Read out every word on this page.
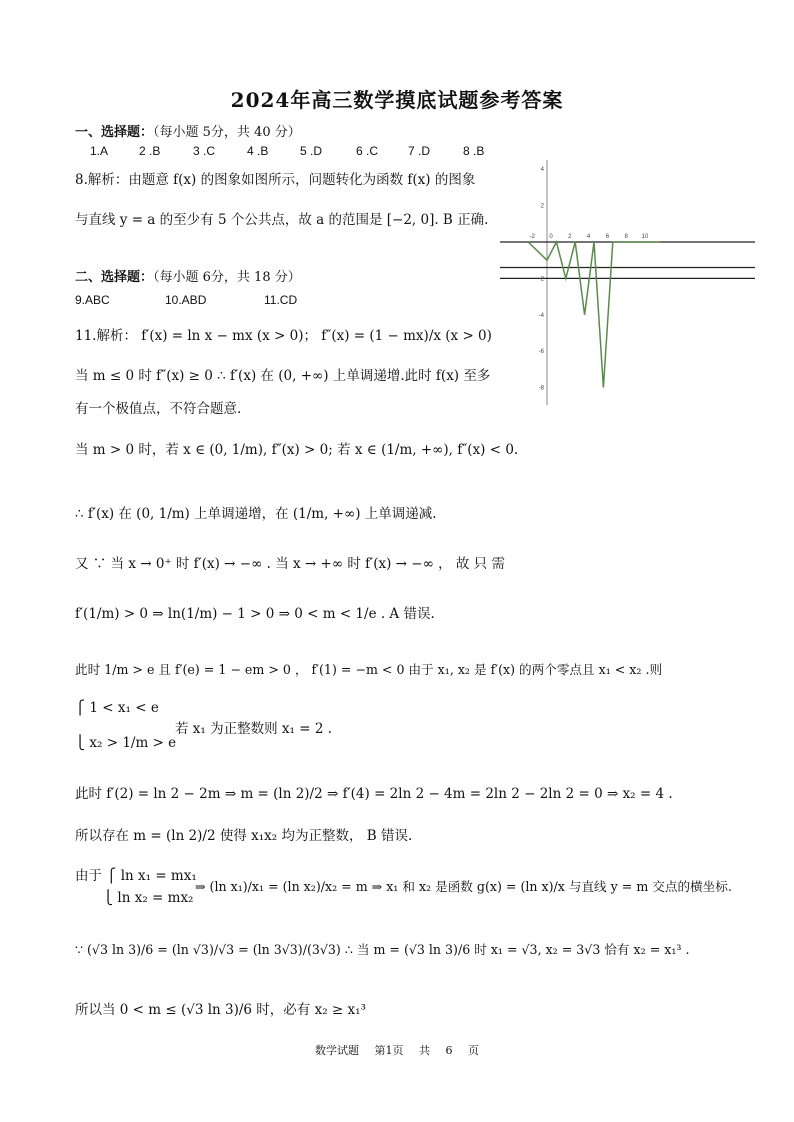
2024年高三数学摸底试题参考答案
一、选择题：（每小题 5分，共 40 分）
1.A	2 .B	3 .C	4 .B	5 .D	6 .C 7 .D	8 .B
8.解析：由题意 f(x) 的图象如图所示，问题转化为函数 f(x) 的图象
与直线 y = a 的至少有 5 个公共点，故 a 的范围是 [−2, 0]. B 正确.
-2 0	2	4	6	8 10
4
2
-2
-4
-6
-8
二、选择题：（每小题 6分，共 18 分）
9.ABC	10.ABD	11.CD
11.解析： f′(x) = ln x − mx (x > 0)； f″(x) = (1 − mx)/x (x > 0)
当 m ≤ 0 时 f″(x) ≥ 0 ∴ f′(x) 在 (0, +∞) 上单调递增.此时 f(x) 至多
有一个极值点，不符合题意.
当 m > 0 时，若 x ∈ (0, 1/m), f″(x) > 0; 若 x ∈ (1/m, +∞), f″(x) < 0.
∴ f′(x) 在 (0, 1/m) 上单调递增，在 (1/m, +∞) 上单调递减.
又 ∵ 当 x → 0⁺ 时 f′(x) → −∞ . 当 x → +∞ 时 f′(x) → −∞ ， 故 只 需
f′(1/m) > 0 ⇒ ln(1/m) − 1 > 0 ⇒ 0 < m < 1/e . A 错误.
此时 1/m > e 且 f′(e) = 1 − em > 0 ， f′(1) = −m < 0 由于 x₁, x₂ 是 f′(x) 的两个零点且 x₁ < x₂ .则
⎧ 1 < x₁ < e
⎩ x₂ > 1/m > e
若 x₁ 为正整数则 x₁ = 2 .
此时 f′(2) = ln 2 − 2m ⇒ m = (ln 2)/2 ⇒ f′(4) = 2ln 2 − 4m = 2ln 2 − 2ln 2 = 0 ⇒ x₂ = 4 .
所以存在 m = (ln 2)/2 使得 x₁x₂ 均为正整数， B 错误.
由于 ⎧ ln x₁ = mx₁
⎩ ln x₂ = mx₂
⇒ (ln x₁)/x₁ = (ln x₂)/x₂ = m ⇒ x₁ 和 x₂ 是函数 g(x) = (ln x)/x 与直线 y = m 交点的横坐标.
∵ (√3 ln 3)/6 = (ln √3)/√3 = (ln 3√3)/(3√3) ∴ 当 m = (√3 ln 3)/6 时 x₁ = √3, x₂ = 3√3 恰有 x₂ = x₁³ .
所以当 0 < m ≤ (√3 ln 3)/6 时，必有 x₂ ≥ x₁³
数学试题 第1页 共 6 页
